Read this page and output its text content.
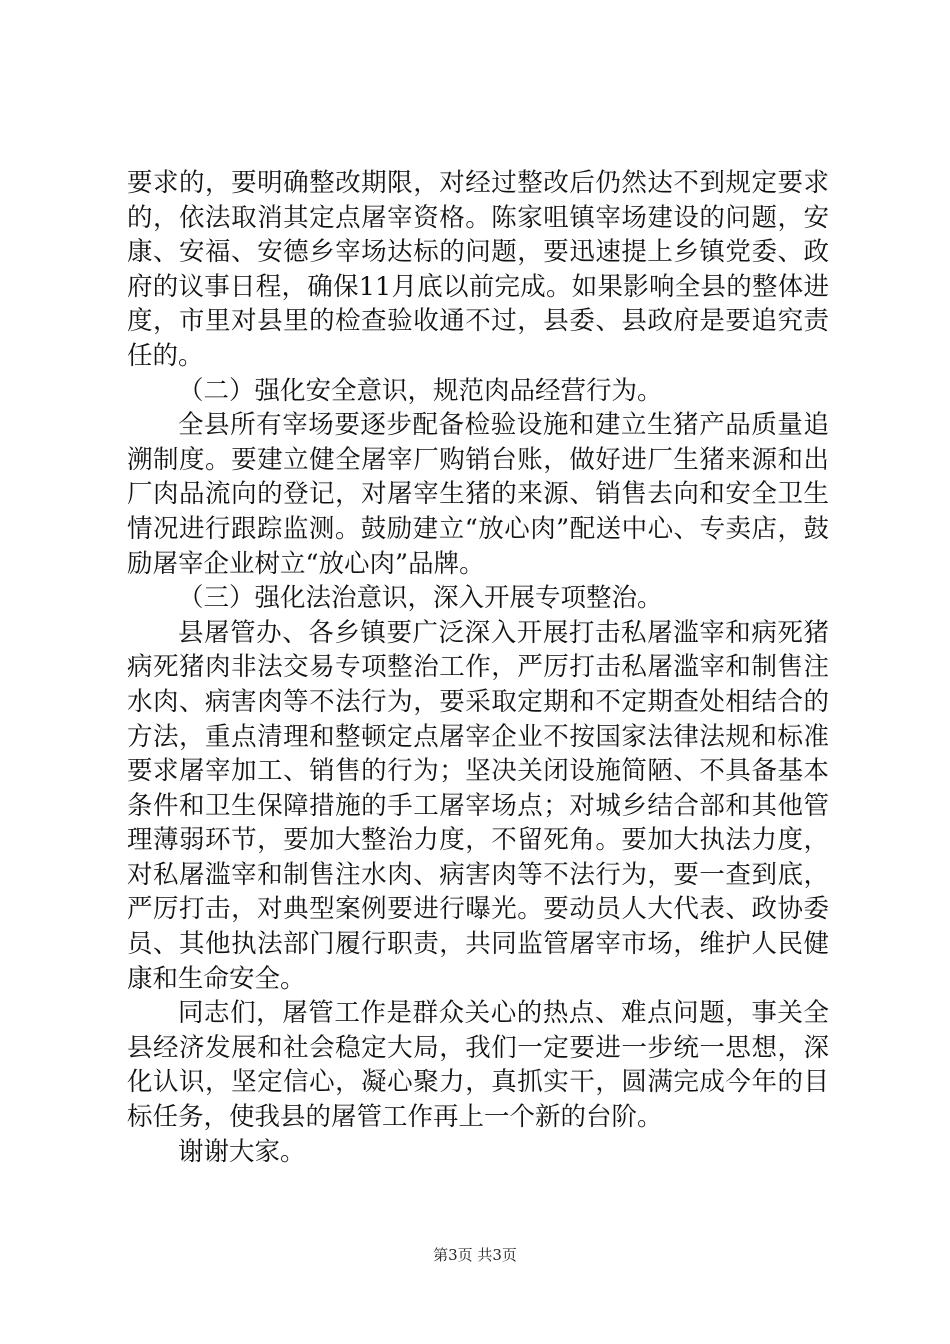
要求的，要明确整改期限，对经过整改后仍然达不到规定要求的，依法取消其定点屠宰资格。陈家咀镇宰场建设的问题，安康、安福、安德乡宰场达标的问题，要迅速提上乡镇党委、政府的议事日程，确保11月底以前完成。如果影响全县的整体进度，市里对县里的检查验收通不过，县委、县政府是要追究责任的。

（二）强化安全意识，规范肉品经营行为。

全县所有宰场要逐步配备检验设施和建立生猪产品质量追溯制度。要建立健全屠宰厂购销台账，做好进厂生猪来源和出厂肉品流向的登记，对屠宰生猪的来源、销售去向和安全卫生情况进行跟踪监测。鼓励建立“放心肉”配送中心、专卖店，鼓励屠宰企业树立“放心肉”品牌。

（三）强化法治意识，深入开展专项整治。

县屠管办、各乡镇要广泛深入开展打击私屠滥宰和病死猪病死猪肉非法交易专项整治工作，严厉打击私屠滥宰和制售注水肉、病害肉等不法行为，要采取定期和不定期查处相结合的方法，重点清理和整顿定点屠宰企业不按国家法律法规和标准要求屠宰加工、销售的行为；坚决关闭设施简陋、不具备基本条件和卫生保障措施的手工屠宰场点；对城乡结合部和其他管理薄弱环节，要加大整治力度，不留死角。要加大执法力度，对私屠滥宰和制售注水肉、病害肉等不法行为，要一查到底，严厉打击，对典型案例要进行曝光。要动员人大代表、政协委员、其他执法部门履行职责，共同监管屠宰市场，维护人民健康和生命安全。

同志们，屠管工作是群众关心的热点、难点问题，事关全县经济发展和社会稳定大局，我们一定要进一步统一思想，深化认识，坚定信心，凝心聚力，真抓实干，圆满完成今年的目标任务，使我县的屠管工作再上一个新的台阶。

谢谢大家。

第3页 共3页
